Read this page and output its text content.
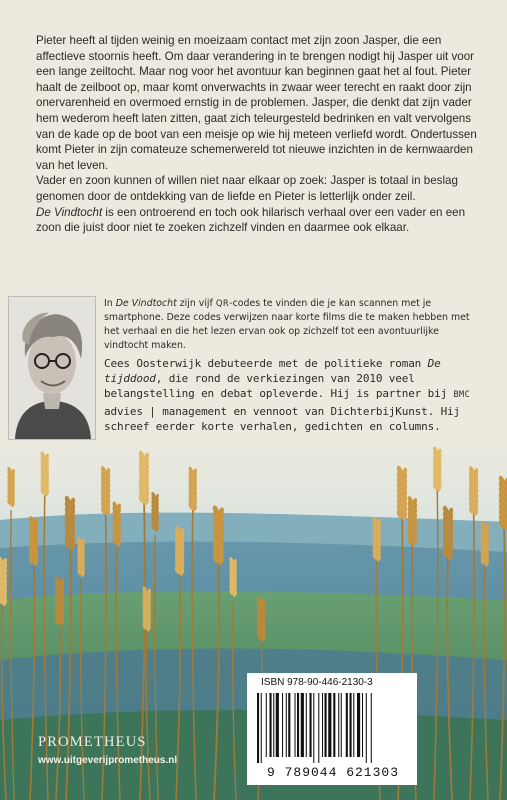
Pieter heeft al tijden weinig en moeizaam contact met zijn zoon Jasper, die een affectieve stoornis heeft. Om daar verandering in te brengen nodigt hij Jasper uit voor een lange zeiltocht. Maar nog voor het avontuur kan beginnen gaat het al fout. Pieter haalt de zeilboot op, maar komt onverwachts in zwaar weer terecht en raakt door zijn onervarenheid en overmoed ernstig in de problemen. Jasper, die denkt dat zijn vader hem wederom heeft laten zitten, gaat zich teleurgesteld bedrinken en valt vervolgens van de kade op de boot van een meisje op wie hij meteen verliefd wordt. Ondertussen komt Pieter in zijn comateuze schemerwereld tot nieuwe inzichten in de kernwaarden van het leven.

Vader en zoon kunnen of willen niet naar elkaar op zoek: Jasper is totaal in beslag genomen door de ontdekking van de liefde en Pieter is letterlijk onder zeil.

De Vindtocht is een ontroerend en toch ook hilarisch verhaal over een vader en een zoon die juist door niet te zoeken zichzelf vinden en daarmee ook elkaar.

In De Vindtocht zijn vijf QR-codes te vinden die je kan scannen met je smartphone. Deze codes verwijzen naar korte films die te maken hebben met het verhaal en die het lezen ervan ook op zichzelf tot een avontuurlijke vindtocht maken.

Cees Oosterwijk debuteerde met de politieke roman De tijddood, die rond de verkiezingen van 2010 veel belangstelling en debat opleverde. Hij is partner bij BMC advies | management en vennoot van DichterbijKunst. Hij schreef eerder korte verhalen, gedichten en columns.

ISBN 978-90-446-2130-3
9 789044 621303
PROMETHEUS
www.uitgeverijprometheus.nl
